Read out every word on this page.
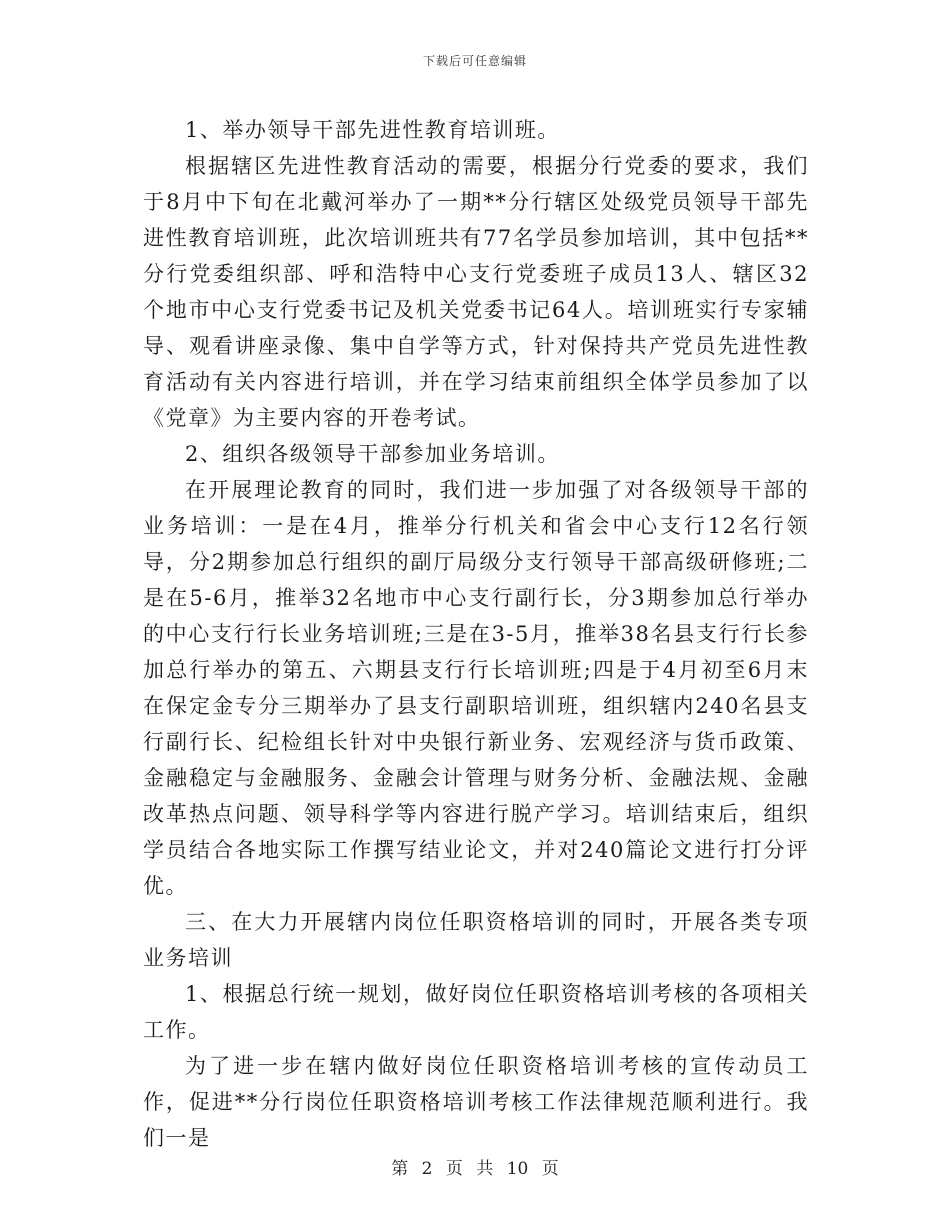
下载后可任意编辑

1、举办领导干部先进性教育培训班。

根据辖区先进性教育活动的需要，根据分行党委的要求，我们于8月中下旬在北戴河举办了一期**分行辖区处级党员领导干部先进性教育培训班，此次培训班共有77名学员参加培训，其中包括**分行党委组织部、呼和浩特中心支行党委班子成员13人、辖区32个地市中心支行党委书记及机关党委书记64人。培训班实行专家辅导、观看讲座录像、集中自学等方式，针对保持共产党员先进性教育活动有关内容进行培训，并在学习结束前组织全体学员参加了以《党章》为主要内容的开卷考试。

2、组织各级领导干部参加业务培训。

在开展理论教育的同时，我们进一步加强了对各级领导干部的业务培训：一是在4月，推举分行机关和省会中心支行12名行领导，分2期参加总行组织的副厅局级分支行领导干部高级研修班;二是在5-6月，推举32名地市中心支行副行长，分3期参加总行举办的中心支行行长业务培训班;三是在3-5月，推举38名县支行行长参加总行举办的第五、六期县支行行长培训班;四是于4月初至6月末在保定金专分三期举办了县支行副职培训班，组织辖内240名县支行副行长、纪检组长针对中央银行新业务、宏观经济与货币政策、金融稳定与金融服务、金融会计管理与财务分析、金融法规、金融改革热点问题、领导科学等内容进行脱产学习。培训结束后，组织学员结合各地实际工作撰写结业论文，并对240篇论文进行打分评优。

三、在大力开展辖内岗位任职资格培训的同时，开展各类专项业务培训

1、根据总行统一规划，做好岗位任职资格培训考核的各项相关工作。

为了进一步在辖内做好岗位任职资格培训考核的宣传动员工作，促进**分行岗位任职资格培训考核工作法律规范顺利进行。我们一是

第 2 页 共 10 页
